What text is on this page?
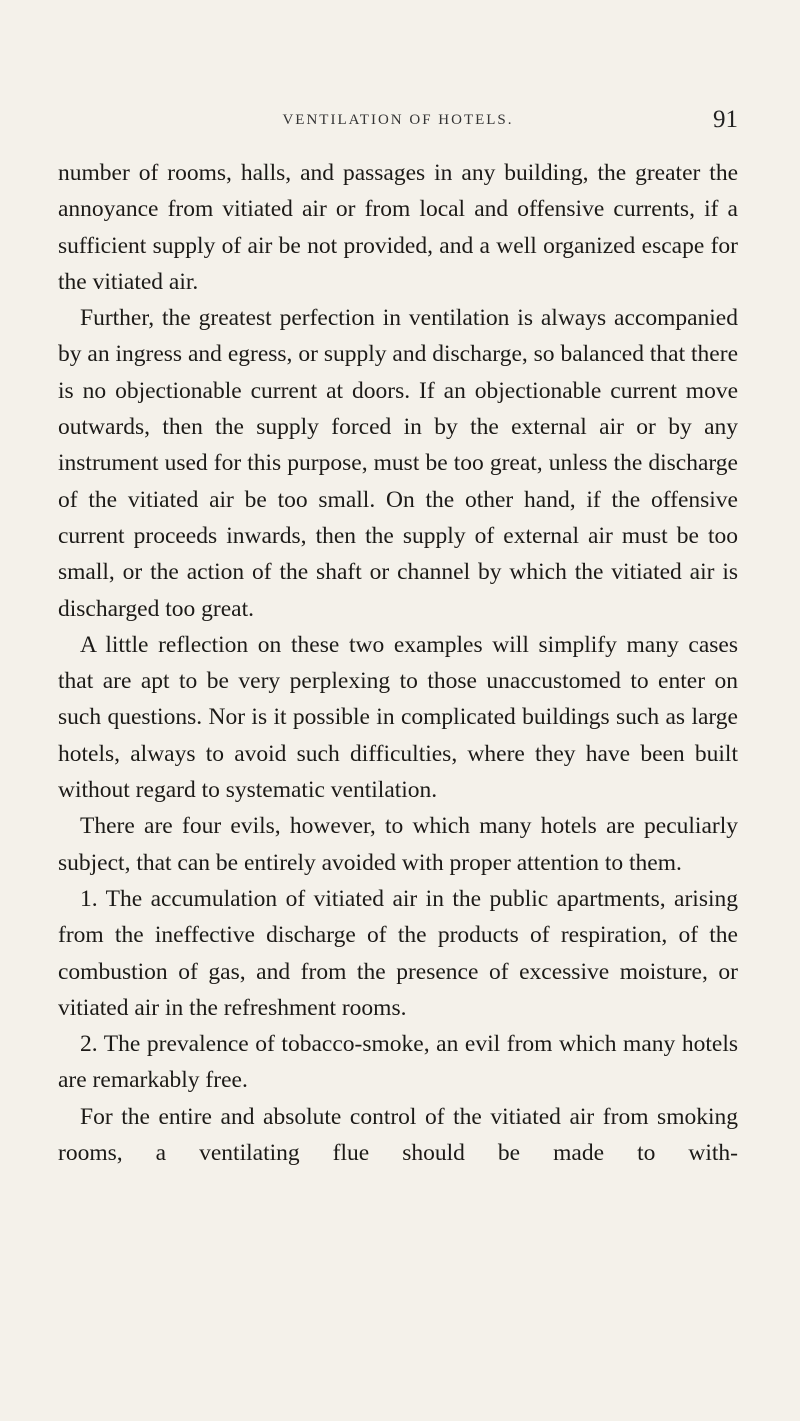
VENTILATION OF HOTELS.	91

number of rooms, halls, and passages in any building, the greater the annoyance from vitiated air or from local and offensive currents, if a sufficient supply of air be not provided, and a well organized escape for the vitiated air.

Further, the greatest perfection in ventilation is always accompanied by an ingress and egress, or supply and discharge, so balanced that there is no objectionable current at doors. If an objectionable current move outwards, then the supply forced in by the external air or by any instrument used for this purpose, must be too great, unless the discharge of the vitiated air be too small. On the other hand, if the offensive current proceeds inwards, then the supply of external air must be too small, or the action of the shaft or channel by which the vitiated air is discharged too great.

A little reflection on these two examples will simplify many cases that are apt to be very perplexing to those unaccustomed to enter on such questions. Nor is it possible in complicated buildings such as large hotels, always to avoid such difficulties, where they have been built without regard to systematic ventilation.

There are four evils, however, to which many hotels are peculiarly subject, that can be entirely avoided with proper attention to them.

1. The accumulation of vitiated air in the public apartments, arising from the ineffective discharge of the products of respiration, of the combustion of gas, and from the presence of excessive moisture, or vitiated air in the refreshment rooms.

2. The prevalence of tobacco-smoke, an evil from which many hotels are remarkably free.

For the entire and absolute control of the vitiated air from smoking rooms, a ventilating flue should be made to with-
